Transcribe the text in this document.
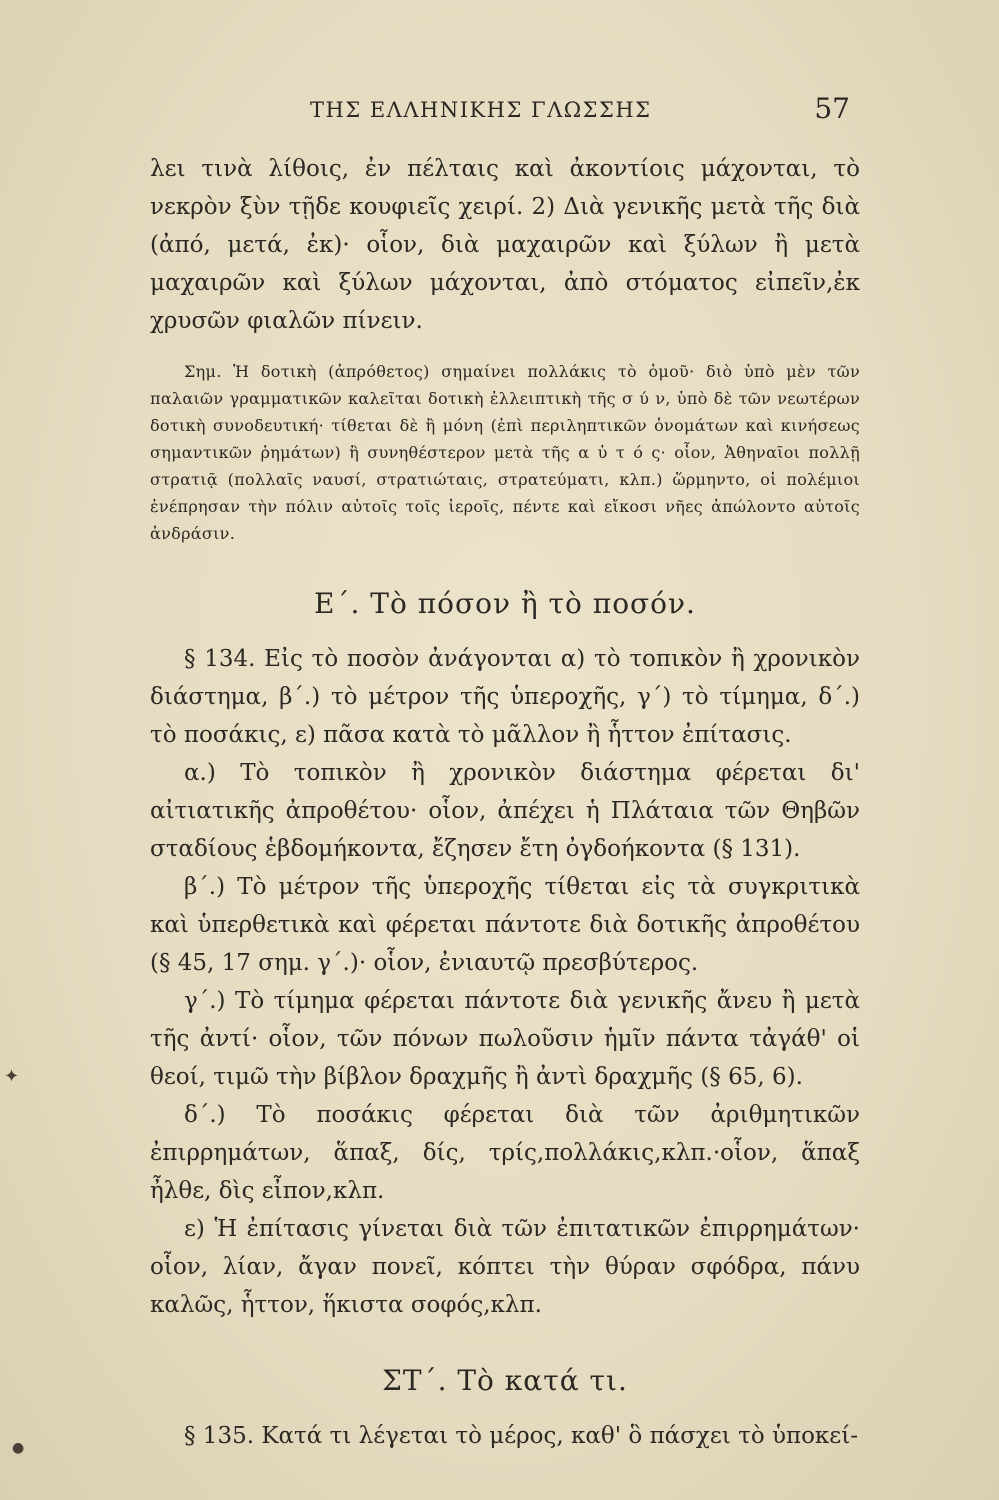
ΤΗΣ ΕΛΛΗΝΙΚΗΣ ΓΛΩΣΣΗΣ	57

λει τινὰ λίθοις, ἐν πέλταις καὶ ἀκοντίοις μάχονται, τὸ νεκρὸν ξὺν τῇδε κουφιεῖς χειρί. 2) Διὰ γενικῆς μετὰ τῆς διὰ (ἀπό, μετά, ἐκ)· οἷον, διὰ μαχαιρῶν καὶ ξύλων ἢ μετὰ μαχαιρῶν καὶ ξύλων μάχονται, ἀπὸ στόματος εἰπεῖν,ἐκ χρυσῶν φιαλῶν πίνειν.

Σημ. Ἡ δοτικὴ (ἀπρόθετος) σημαίνει πολλάκις τὸ ὁμοῦ· διὸ ὑπὸ μὲν τῶν παλαιῶν γραμματικῶν καλεῖται δοτικὴ ἐλλειπτικὴ τῆς σ ύ ν, ὑπὸ δὲ τῶν νεωτέρων δοτικὴ συνοδευτική· τίθεται δὲ ἢ μόνη (ἐπὶ περιληπτικῶν ὀνομάτων καὶ κινήσεως σημαντικῶν ῥημάτων) ἢ συνηθέστερον μετὰ τῆς α ὐ τ ό ς· οἷον, Ἀθηναῖοι πολλῇ στρατιᾷ (πολλαῖς ναυσί, στρατιώταις, στρατεύματι, κλπ.) ὥρμηντο, οἱ πολέμιοι ἐνέπρησαν τὴν πόλιν αὐτοῖς τοῖς ἱεροῖς, πέντε καὶ εἴκοσι νῆες ἀπώλοντο αὐτοῖς ἀνδράσιν.

Ε΄. Τὸ πόσον ἢ τὸ ποσόν.

§ 134. Εἰς τὸ ποσὸν ἀνάγονται α) τὸ τοπικὸν ἢ χρονικὸν διάστημα, β΄.) τὸ μέτρον τῆς ὑπεροχῆς, γ΄) τὸ τίμημα, δ΄.) τὸ ποσάκις, ε) πᾶσα κατὰ τὸ μᾶλλον ἢ ἧττον ἐπίτασις.

α.) Τὸ τοπικὸν ἢ χρονικὸν διάστημα φέρεται δι' αἰτιατικῆς ἀπροθέτου· οἷον, ἀπέχει ἡ Πλάταια τῶν Θηβῶν σταδίους ἑβδομήκοντα, ἔζησεν ἔτη ὀγδοήκοντα (§ 131).

β΄.) Τὸ μέτρον τῆς ὑπεροχῆς τίθεται εἰς τὰ συγκριτικὰ καὶ ὑπερθετικὰ καὶ φέρεται πάντοτε διὰ δοτικῆς ἀπροθέτου (§ 45, 17 σημ. γ΄.)· οἷον, ἐνιαυτῷ πρεσβύτερος.

γ΄.) Τὸ τίμημα φέρεται πάντοτε διὰ γενικῆς ἄνευ ἢ μετὰ τῆς ἀντί· οἷον, τῶν πόνων πωλοῦσιν ἡμῖν πάντα τἀγάθ' οἱ θεοί, τιμῶ τὴν βίβλον δραχμῆς ἢ ἀντὶ δραχμῆς (§ 65, 6).

δ΄.) Τὸ ποσάκις φέρεται διὰ τῶν ἀριθμητικῶν ἐπιρρημάτων, ἅπαξ, δίς, τρίς,πολλάκις,κλπ.·οἷον, ἅπαξ ἦλθε, δὶς εἶπον,κλπ.

ε) Ἡ ἐπίτασις γίνεται διὰ τῶν ἐπιτατικῶν ἐπιρρημάτων· οἷον, λίαν, ἄγαν πονεῖ, κόπτει τὴν θύραν σφόδρα, πάνυ καλῶς, ἧττον, ἥκιστα σοφός,κλπ.

ΣΤ΄. Τὸ κατά τι.

§ 135. Κατά τι λέγεται τὸ μέρος, καθ' ὃ πάσχει τὸ ὑποκεί-

✦
●
